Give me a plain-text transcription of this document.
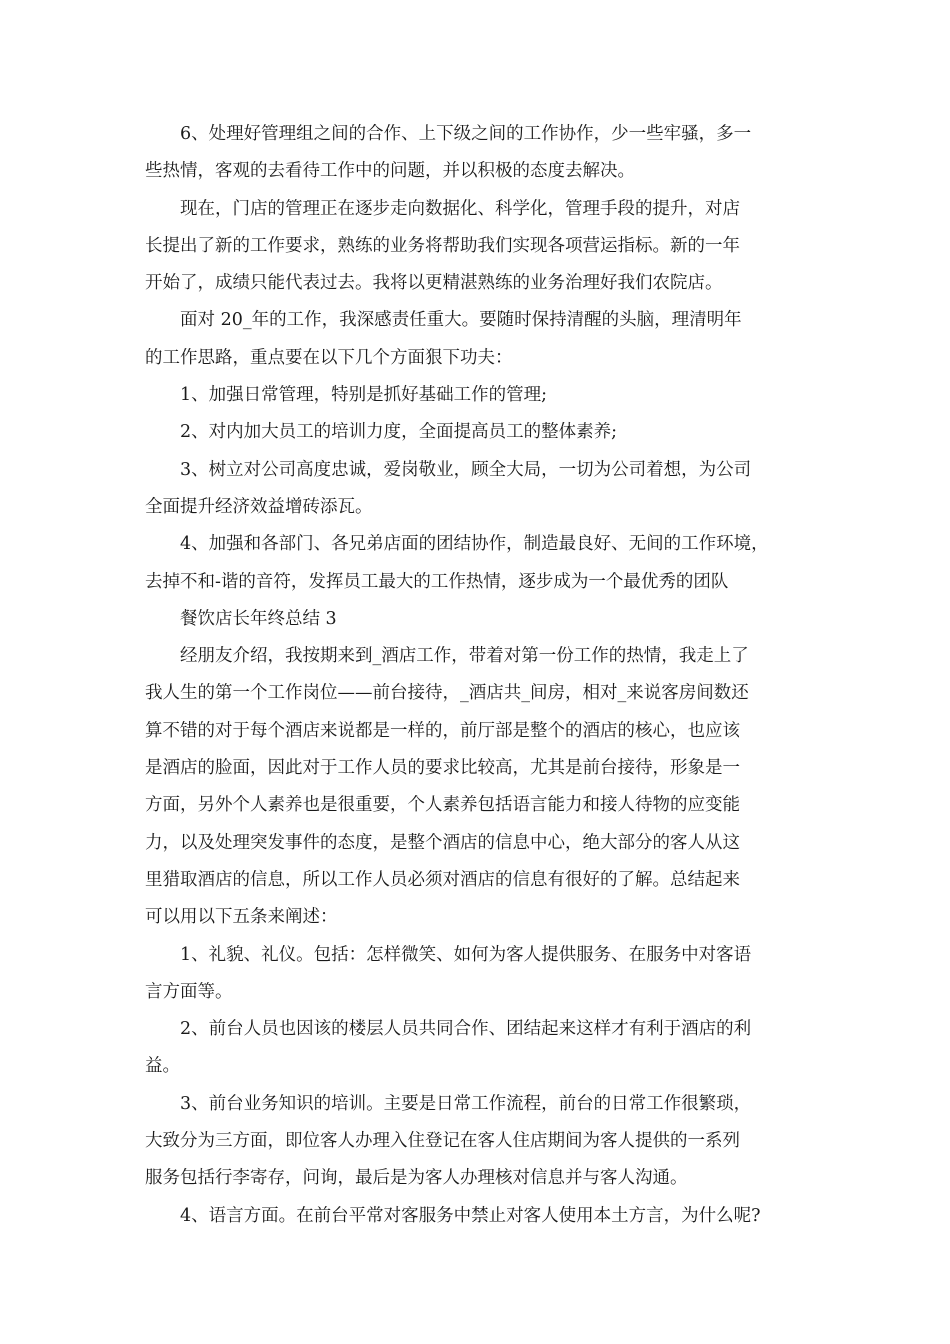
6、处理好管理组之间的合作、上下级之间的工作协作，少一些牢骚，多一
些热情，客观的去看待工作中的问题，并以积极的态度去解决。

现在，门店的管理正在逐步走向数据化、科学化，管理手段的提升，对店
长提出了新的工作要求，熟练的业务将帮助我们实现各项营运指标。新的一年
开始了，成绩只能代表过去。我将以更精湛熟练的业务治理好我们农院店。

面对 20_年的工作，我深感责任重大。要随时保持清醒的头脑，理清明年
的工作思路，重点要在以下几个方面狠下功夫：

1、加强日常管理，特别是抓好基础工作的管理;

2、对内加大员工的培训力度，全面提高员工的整体素养;

3、树立对公司高度忠诚，爱岗敬业，顾全大局，一切为公司着想，为公司
全面提升经济效益增砖添瓦。

4、加强和各部门、各兄弟店面的团结协作，制造最良好、无间的工作环境，
去掉不和-谐的音符，发挥员工最大的工作热情，逐步成为一个最优秀的团队

餐饮店长年终总结 3

经朋友介绍，我按期来到_酒店工作，带着对第一份工作的热情，我走上了
我人生的第一个工作岗位——前台接待，_酒店共_间房，相对_来说客房间数还
算不错的对于每个酒店来说都是一样的，前厅部是整个的酒店的核心，也应该
是酒店的脸面，因此对于工作人员的要求比较高，尤其是前台接待，形象是一
方面，另外个人素养也是很重要，个人素养包括语言能力和接人待物的应变能
力，以及处理突发事件的态度，是整个酒店的信息中心，绝大部分的客人从这
里猎取酒店的信息，所以工作人员必须对酒店的信息有很好的了解。总结起来
可以用以下五条来阐述：

1、礼貌、礼仪。包括：怎样微笑、如何为客人提供服务、在服务中对客语
言方面等。

2、前台人员也因该的楼层人员共同合作、团结起来这样才有利于酒店的利
益。

3、前台业务知识的培训。主要是日常工作流程，前台的日常工作很繁琐，
大致分为三方面，即位客人办理入住登记在客人住店期间为客人提供的一系列
服务包括行李寄存，问询，最后是为客人办理核对信息并与客人沟通。

4、语言方面。在前台平常对客服务中禁止对客人使用本土方言，为什么呢?
